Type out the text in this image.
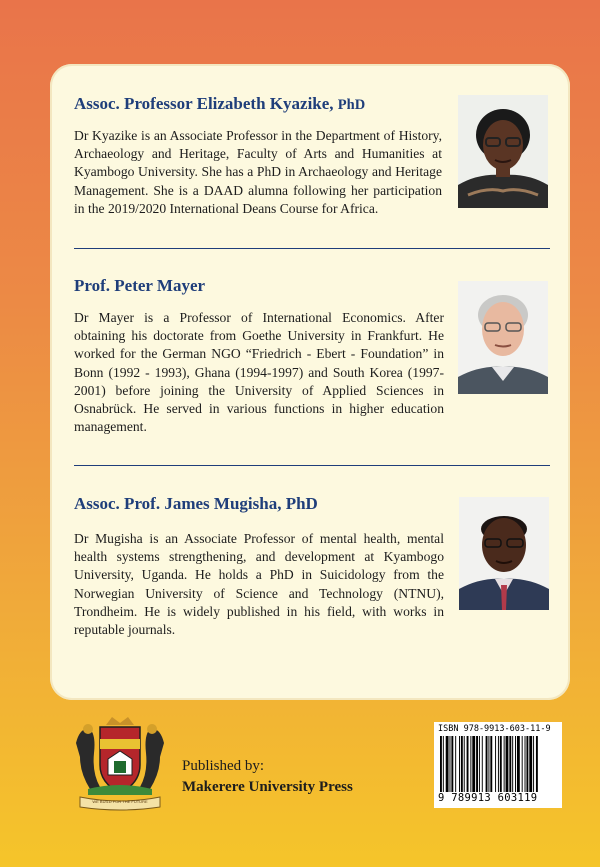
Assoc. Professor Elizabeth Kyazike, PhD

Dr Kyazike is an Associate Professor in the Department of History, Archaeology and Heritage, Faculty of Arts and Humanities at Kyambogo University. She has a PhD in Archaeology and Heritage Management. She is a DAAD alumna following her participation in the 2019/2020 International Deans Course for Africa.

Prof. Peter Mayer

Dr Mayer is a Professor of International Economics. After obtaining his doctorate from Goethe University in Frankfurt. He worked for the German NGO “Friedrich - Ebert - Foundation” in Bonn (1992 - 1993), Ghana (1994-1997) and South Korea (1997-2001) before joining the University of Applied Sciences in Osnabrück. He served in various functions in higher education management.

Assoc. Prof. James Mugisha, PhD

Dr Mugisha is an Associate Professor of mental health, mental health systems strengthening, and development at Kyambogo University, Uganda. He holds a PhD in Suicidology from the Norwegian University of Science and Technology (NTNU), Trondheim. He is widely published in his field, with works in reputable journals.

WE BUILD FOR THE FUTURE
Published by:
Makerere University Press
ISBN 978-9913-603-11-9
9 789913 603119
